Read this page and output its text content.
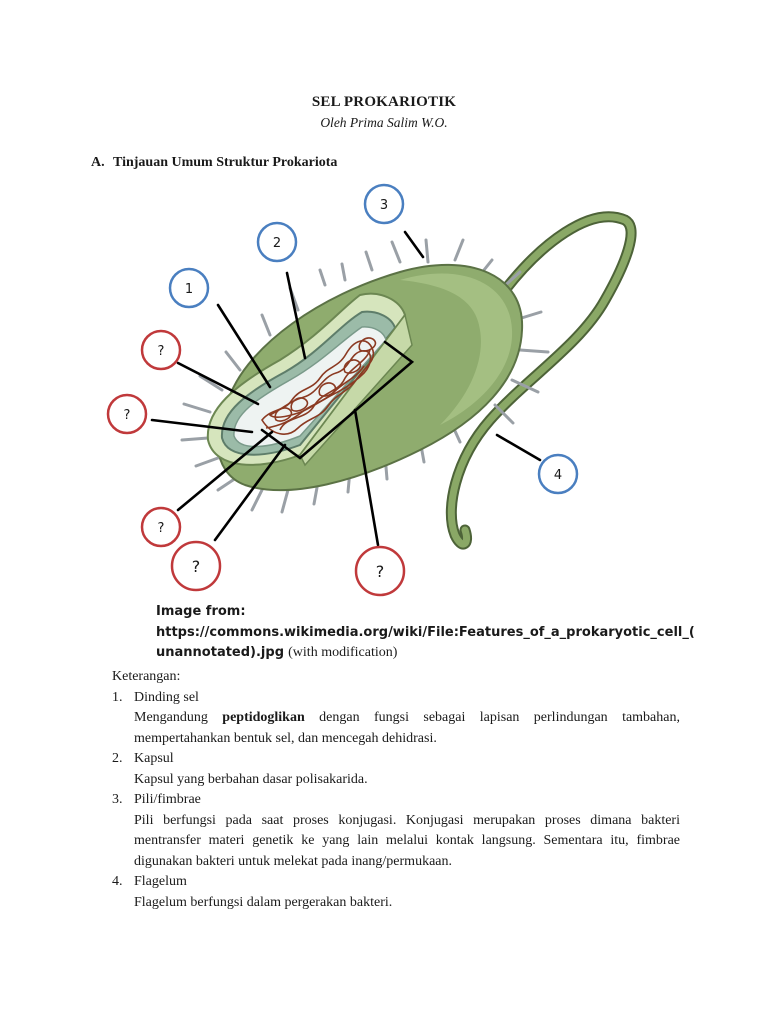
SEL PROKARIOTIK
Oleh Prima Salim W.O.
A. Tinjauan Umum Struktur Prokariota
1
2
3
4
?
?
?
?	?
?
Image from:
https://commons.wikimedia.org/wiki/File:Features_of_a_prokaryotic_cell_(
unannotated).jpg (with modification)
Keterangan:
1. Dinding sel
Mengandung peptidoglikan dengan fungsi sebagai lapisan perlindungan tambahan, mempertahankan bentuk sel, dan mencegah dehidrasi.
2. Kapsul
Kapsul yang berbahan dasar polisakarida.
3. Pili/fimbrae
Pili berfungsi pada saat proses konjugasi. Konjugasi merupakan proses dimana bakteri mentransfer materi genetik ke yang lain melalui kontak langsung. Sementara itu, fimbrae digunakan bakteri untuk melekat pada inang/permukaan.
4. Flagelum
Flagelum berfungsi dalam pergerakan bakteri.
